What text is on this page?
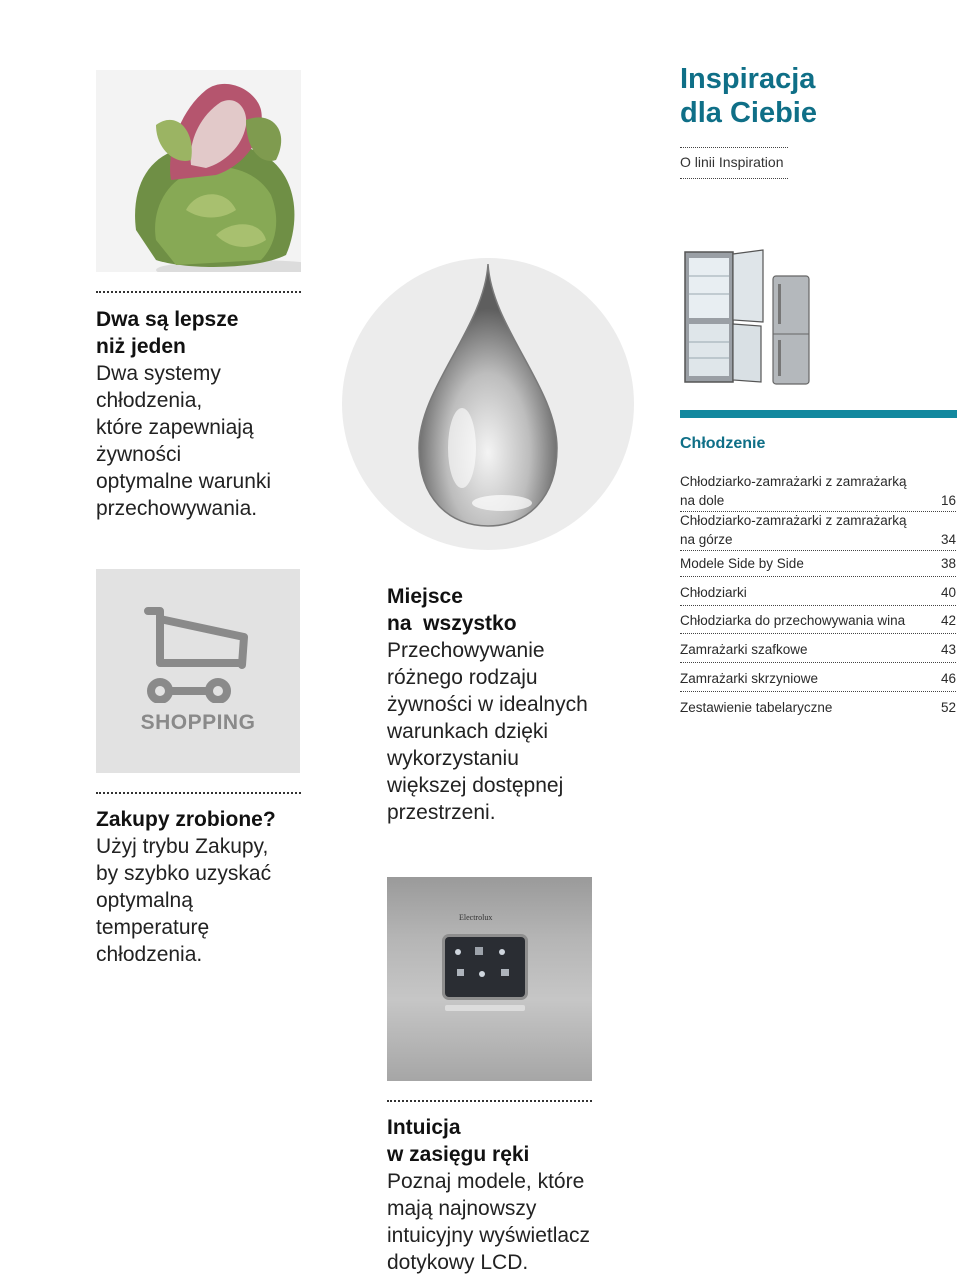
Inspiracja
dla Ciebie
O linii Inspiration
Dwa są lepsze
niż jeden
Dwa systemy
chłodzenia,
które zapewniają
żywności
optymalne warunki
przechowywania.
SHOPPING
Zakupy zrobione?
Użyj trybu Zakupy,
by szybko uzyskać
optymalną
temperaturę
chłodzenia.
Miejsce
na  wszystko
Przechowywanie
różnego rodzaju
żywności w idealnych
warunkach dzięki
wykorzystaniu
większej dostępnej
przestrzeni.
Electrolux
Intuicja
w zasięgu ręki
Poznaj modele, które
mają najnowszy
intuicyjny wyświetlacz
dotykowy LCD.
Chłodzenie
Chłodziarko-zamrażarki z zamrażarką
na dole	16
Chłodziarko-zamrażarki z zamrażarką
na górze	34
Modele Side by Side	38
Chłodziarki	40
Chłodziarka do przechowywania wina	42
Zamrażarki szafkowe	43
Zamrażarki skrzyniowe	46
Zestawienie tabelaryczne	52
